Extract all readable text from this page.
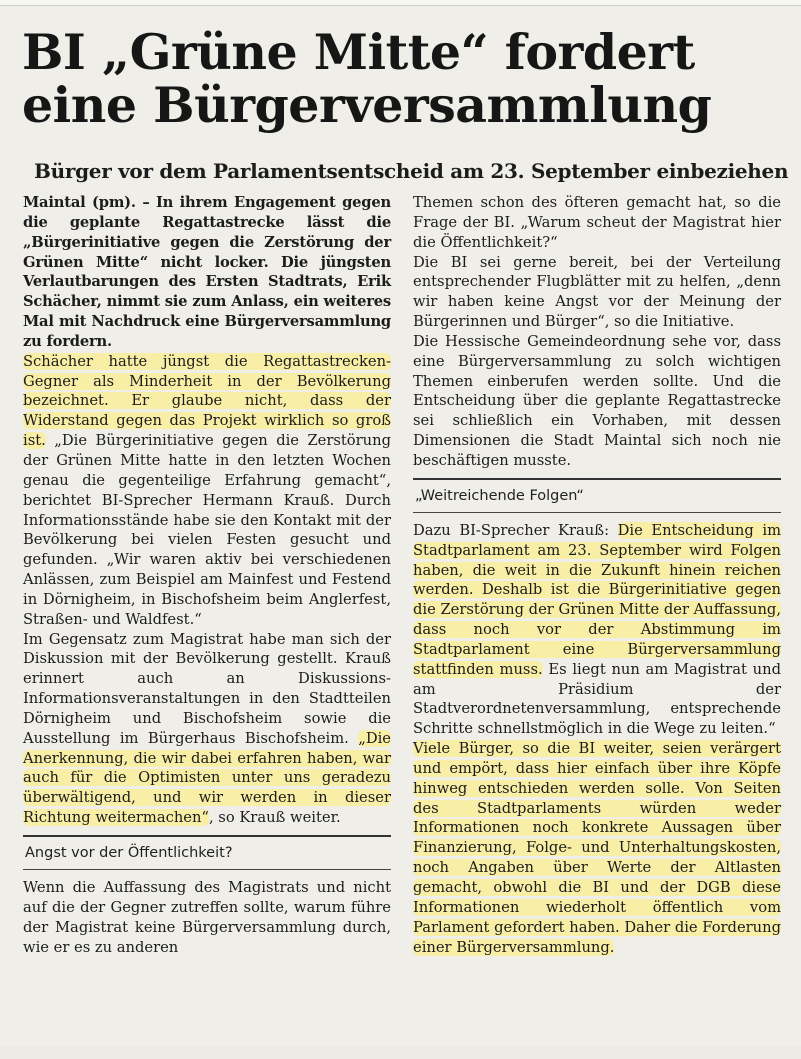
BI „Grüne Mitte“ fordert eine Bürgerversammlung
Bürger vor dem Parlamentsentscheid am 23. September einbeziehen

Maintal (pm). – In ihrem Engagement gegen die geplante Regattastrecke lässt die „Bürgerinitiative gegen die Zerstörung der Grünen Mitte“ nicht locker. Die jüngsten Verlautbarungen des Ersten Stadtrats, Erik Schächer, nimmt sie zum Anlass, ein weiteres Mal mit Nachdruck eine Bürgerversammlung zu fordern.

Schächer hatte jüngst die Regattastrecken-Gegner als Minderheit in der Bevölkerung bezeichnet. Er glaube nicht, dass der Widerstand gegen das Projekt wirklich so groß ist. „Die Bürgerinitiative gegen die Zerstörung der Grünen Mitte hatte in den letzten Wochen genau die gegenteilige Erfahrung gemacht“, berichtet BI-Sprecher Hermann Krauß. Durch Informationsstände habe sie den Kontakt mit der Bevölkerung bei vielen Festen gesucht und gefunden. „Wir waren aktiv bei verschiedenen Anlässen, zum Beispiel am Mainfest und Festend in Dörnigheim, in Bischofsheim beim Anglerfest, Straßen- und Waldfest.“

Im Gegensatz zum Magistrat habe man sich der Diskussion mit der Bevölkerung gestellt. Krauß erinnert auch an Diskussions-Informationsveranstaltungen in den Stadtteilen Dörnigheim und Bischofsheim sowie die Ausstellung im Bürgerhaus Bischofsheim. „Die Anerkennung, die wir dabei erfahren haben, war auch für die Optimisten unter uns geradezu überwältigend, und wir werden in dieser Richtung weitermachen“, so Krauß weiter.

Angst vor der Öffentlichkeit?

Wenn die Auffassung des Magistrats und nicht auf die der Gegner zutreffen sollte, warum führe der Magistrat keine Bürgerversammlung durch, wie er es zu anderen

Themen schon des öfteren gemacht hat, so die Frage der BI. „Warum scheut der Magistrat hier die Öffentlichkeit?“

Die BI sei gerne bereit, bei der Verteilung entsprechender Flugblätter mit zu helfen, „denn wir haben keine Angst vor der Meinung der Bürgerinnen und Bürger“, so die Initiative.

Die Hessische Gemeindeordnung sehe vor, dass eine Bürgerversammlung zu solch wichtigen Themen einberufen werden sollte. Und die Entscheidung über die geplante Regattastrecke sei schließlich ein Vorhaben, mit dessen Dimensionen die Stadt Maintal sich noch nie beschäftigen musste.

„Weitreichende Folgen“

Dazu BI-Sprecher Krauß: Die Entscheidung im Stadtparlament am 23. September wird Folgen haben, die weit in die Zukunft hinein reichen werden. Deshalb ist die Bürgerinitiative gegen die Zerstörung der Grünen Mitte der Auffassung, dass noch vor der Abstimmung im Stadtparlament eine Bürgerversammlung stattfinden muss. Es liegt nun am Magistrat und am Präsidium der Stadtverordnetenversammlung, entsprechende Schritte schnellstmöglich in die Wege zu leiten.“

Viele Bürger, so die BI weiter, seien verärgert und empört, dass hier einfach über ihre Köpfe hinweg entschieden werden solle. Von Seiten des Stadtparlaments würden weder Informationen noch konkrete Aussagen über Finanzierung, Folge- und Unterhaltungskosten, noch Angaben über Werte der Altlasten gemacht, obwohl die BI und der DGB diese Informationen wiederholt öffentlich vom Parlament gefordert haben. Daher die Forderung einer Bürgerversammlung.
